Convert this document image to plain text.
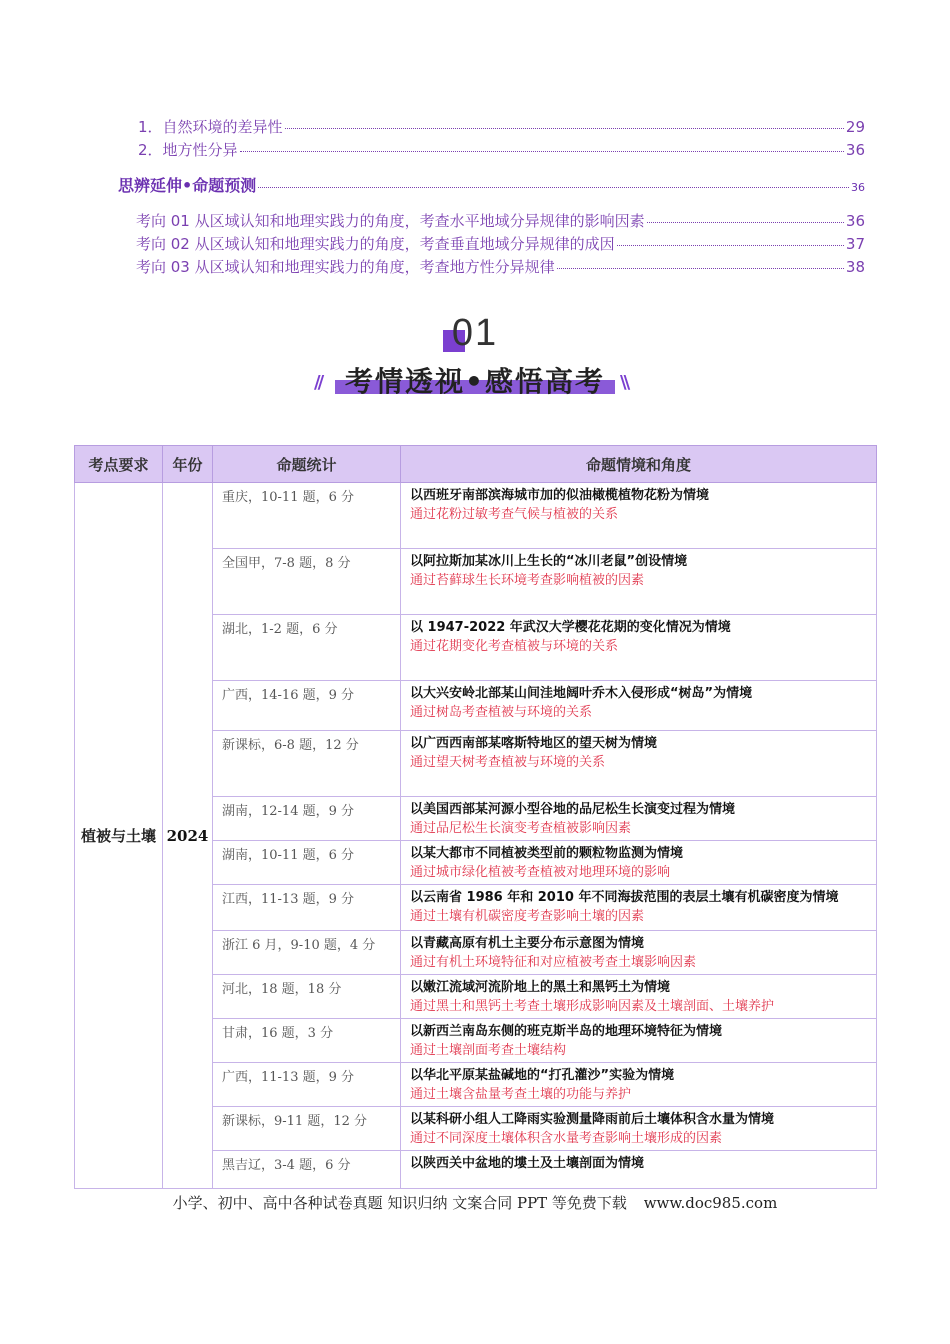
1．自然环境的差异性	29
2．地方性分异	36
思辨延伸•命题预测	36
考向 01 从区域认知和地理实践力的角度，考查水平地域分异规律的影响因素	36
考向 02 从区域认知和地理实践力的角度，考查垂直地域分异规律的成因	37
考向 03 从区域认知和地理实践力的角度，考查地方性分异规律	38
01
// 考情透视•感悟高考 \\
考点要求	年份	命题统计	命题情境和角度
植被与土壤	2024	重庆，10-11 题，6 分	以西班牙南部滨海城市加的似油橄榄植物花粉为情境
通过花粉过敏考查气候与植被的关系

		全国甲，7-8 题，8 分	以阿拉斯加某冰川上生长的“冰川老鼠”创设情境
通过苔藓球生长环境考查影响植被的因素

		湖北，1-2 题，6 分	以 1947-2022 年武汉大学樱花花期的变化情况为情境
通过花期变化考查植被与环境的关系

		广西，14-16 题，9 分	以大兴安岭北部某山间洼地阔叶乔木入侵形成“树岛”为情境
通过树岛考查植被与环境的关系

		新课标，6-8 题，12 分	以广西西南部某喀斯特地区的望天树为情境
通过望天树考查植被与环境的关系

		湖南，12-14 题，9 分	以美国西部某河源小型谷地的品尼松生长演变过程为情境
通过品尼松生长演变考查植被影响因素

		湖南，10-11 题，6 分	以某大都市不同植被类型前的颗粒物监测为情境
通过城市绿化植被考查植被对地理环境的影响

		江西，11-13 题，9 分	以云南省 1986 年和 2010 年不同海拔范围的表层土壤有机碳密度为情境
通过土壤有机碳密度考查影响土壤的因素

		浙江 6 月，9-10 题，4 分	以青藏高原有机土主要分布示意图为情境
通过有机土环境特征和对应植被考查土壤影响因素

		河北，18 题，18 分	以嫩江流域河流阶地上的黑土和黑钙土为情境
通过黑土和黑钙土考查土壤形成影响因素及土壤剖面、土壤养护

		甘肃，16 题，3 分	以新西兰南岛东侧的班克斯半岛的地理环境特征为情境
通过土壤剖面考查土壤结构

		广西，11-13 题，9 分	以华北平原某盐碱地的“打孔灌沙”实验为情境
通过土壤含盐量考查土壤的功能与养护

		新课标，9-11 题，12 分	以某科研小组人工降雨实验测量降雨前后土壤体积含水量为情境
通过不同深度土壤体积含水量考查影响土壤形成的因素

		黑吉辽，3-4 题，6 分	以陕西关中盆地的塿土及土壤剖面为情境
小学、初中、高中各种试卷真题 知识归纳 文案合同 PPT 等免费下载 www.doc985.com
